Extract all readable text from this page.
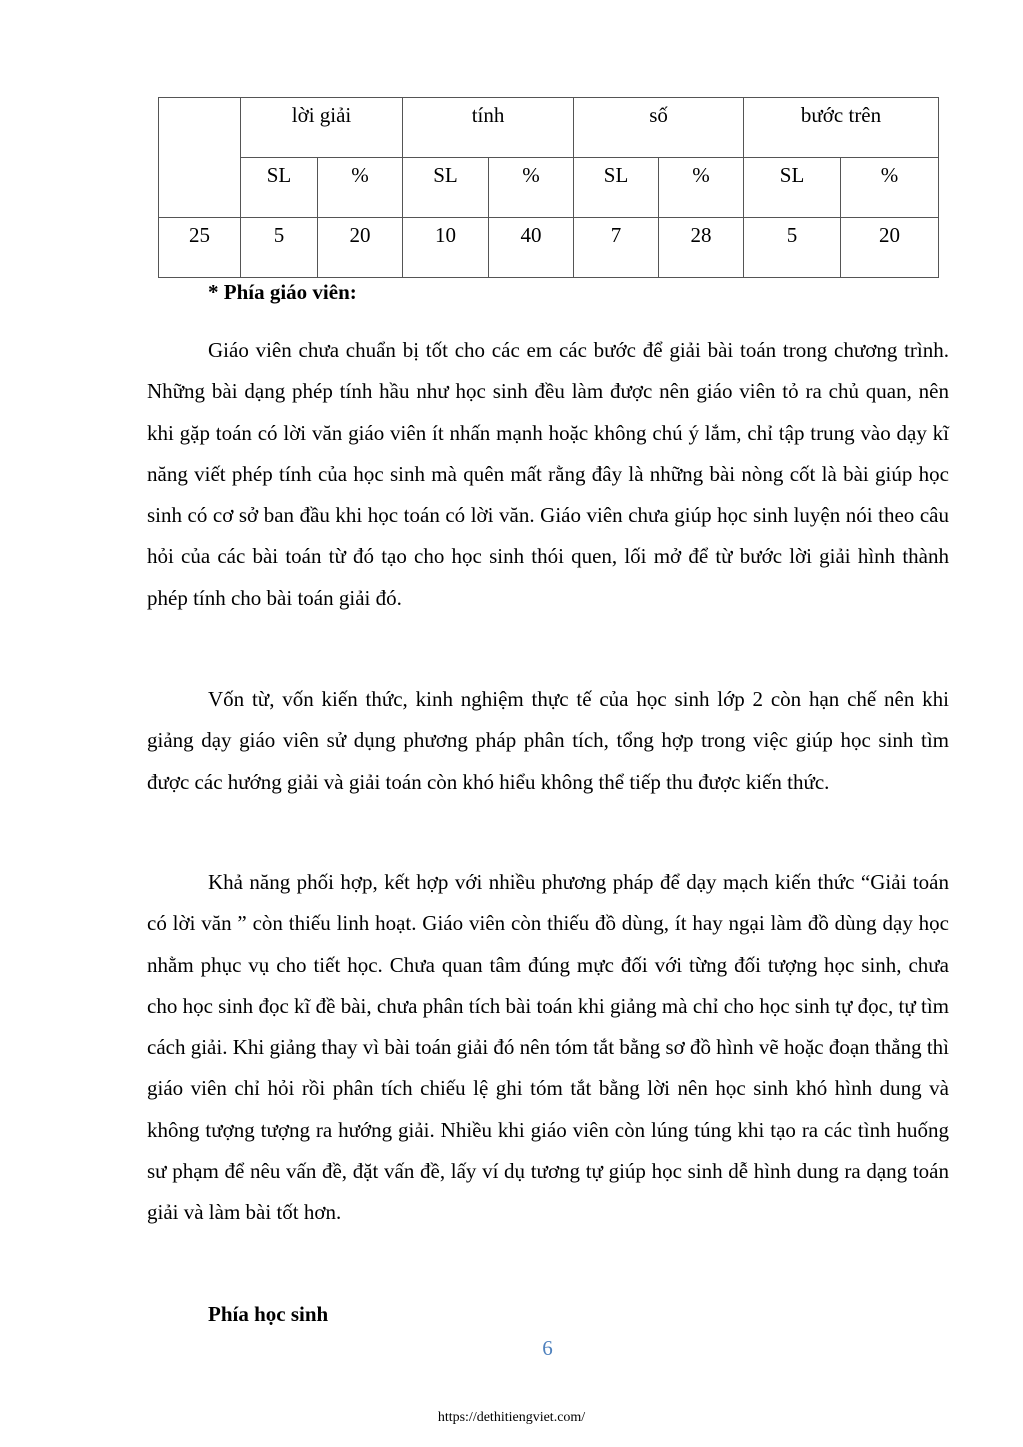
	lời giải		tính		số		bước trên	
	SL	%	SL	%	SL	%	SL	%
25	5	20	10	40	7	28	5	20
* Phía giáo viên:

Giáo viên chưa chuẩn bị tốt cho các em các bước để giải bài toán trong chương trình. Những bài dạng phép tính hầu như học sinh đều làm được nên giáo viên tỏ ra chủ quan, nên khi gặp toán có lời văn giáo viên ít nhấn mạnh hoặc không chú ý lắm, chỉ tập trung vào dạy kĩ năng viết phép tính của học sinh mà quên mất rằng đây là những bài nòng cốt là bài giúp học sinh có cơ sở ban đầu khi học toán có lời văn. Giáo viên chưa giúp học sinh luyện nói theo câu hỏi của các bài toán từ đó tạo cho học sinh thói quen, lối mở để từ bước lời giải hình thành phép tính cho bài toán giải đó.

Vốn từ, vốn kiến thức, kinh nghiệm thực tế của học sinh lớp 2 còn hạn chế nên khi giảng dạy giáo viên sử dụng phương pháp phân tích, tổng hợp trong việc giúp học sinh tìm được các hướng giải và giải toán còn khó hiểu không thể tiếp thu được kiến thức.

Khả năng phối hợp, kết hợp với nhiều phương pháp để dạy mạch kiến thức “Giải toán có lời văn ” còn thiếu linh hoạt. Giáo viên còn thiếu đồ dùng, ít hay ngại làm đồ dùng dạy học nhằm phục vụ cho tiết học. Chưa quan tâm đúng mực đối với từng đối tượng học sinh, chưa cho học sinh đọc kĩ đề bài, chưa phân tích bài toán khi giảng mà chỉ cho học sinh tự đọc, tự tìm cách giải. Khi giảng thay vì bài toán giải đó nên tóm tắt bằng sơ đồ hình vẽ hoặc đoạn thẳng thì giáo viên chỉ hỏi rồi phân tích chiếu lệ ghi tóm tắt bằng lời nên học sinh khó hình dung và không tượng tượng ra hướng giải. Nhiều khi giáo viên còn lúng túng khi tạo ra các tình huống sư phạm để nêu vấn đề, đặt vấn đề, lấy ví dụ tương tự giúp học sinh dễ hình dung ra dạng toán giải và làm bài tốt hơn.

Phía học sinh
6
https://dethitiengviet.com/
